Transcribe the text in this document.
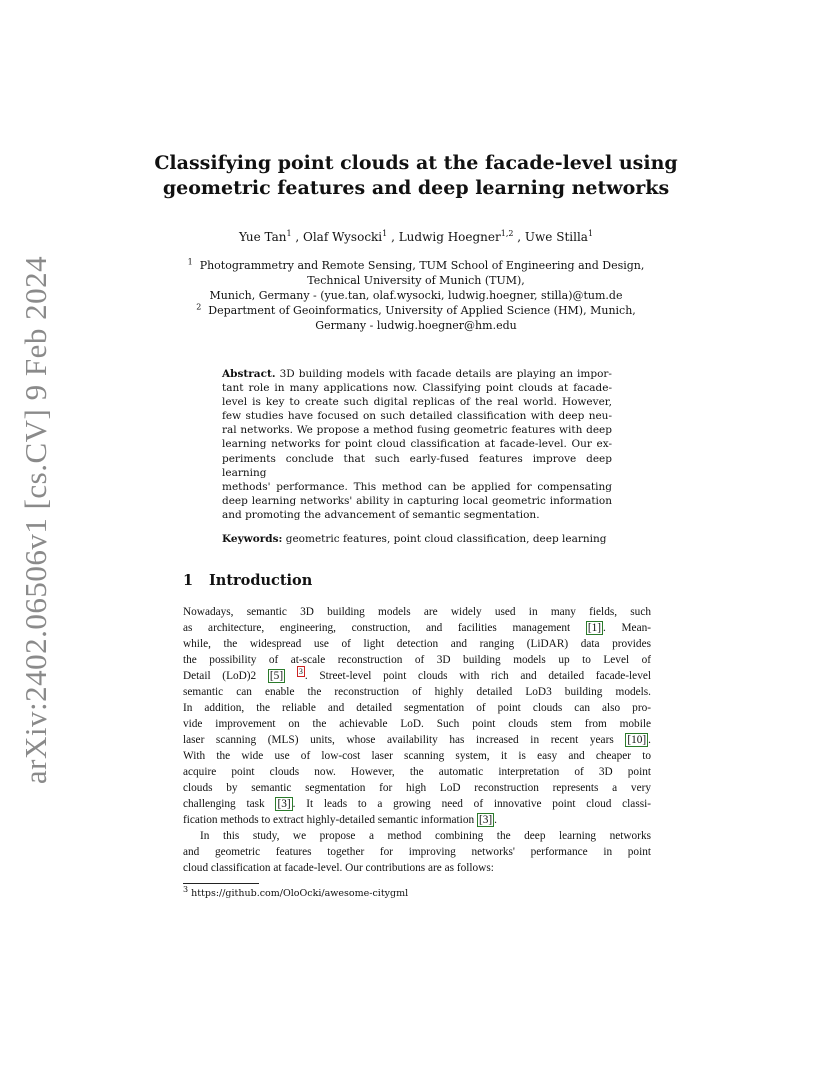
arXiv:2402.06506v1 [cs.CV] 9 Feb 2024
Classifying point clouds at the facade-level using
geometric features and deep learning networks
Yue Tan$^1$ , Olaf Wysocki$^1$ , Ludwig Hoegner$^{1,2}$ , Uwe Stilla$^1$
$^1$ Photogrammetry and Remote Sensing, TUM School of Engineering and Design,
Technical University of Munich (TUM),
Munich, Germany - (yue.tan, olaf.wysocki, ludwig.hoegner, stilla)@tum.de
$^2$ Department of Geoinformatics, University of Applied Science (HM), Munich,
Germany - ludwig.hoegner@hm.edu
Abstract. 3D building models with facade details are playing an impor-
tant role in many applications now. Classifying point clouds at facade-
level is key to create such digital replicas of the real world. However,
few studies have focused on such detailed classification with deep neu-
ral networks. We propose a method fusing geometric features with deep
learning networks for point cloud classification at facade-level. Our ex-
periments conclude that such early-fused features improve deep learning
methods' performance. This method can be applied for compensating
deep learning networks' ability in capturing local geometric information
and promoting the advancement of semantic segmentation.
Keywords: geometric features, point cloud classification, deep learning
1 Introduction
Nowadays, semantic 3D building models are widely used in many fields, such
as architecture, engineering, construction, and facilities management [1] . Mean-
while, the widespread use of light detection and ranging (LiDAR) data provides
the possibility of at-scale reconstruction of 3D building models up to Level of
Detail (LoD)2 [5] $^3$ . Street-level point clouds with rich and detailed facade-level
semantic can enable the reconstruction of highly detailed LoD3 building models.
In addition, the reliable and detailed segmentation of point clouds can also pro-
vide improvement on the achievable LoD. Such point clouds stem from mobile
laser scanning (MLS) units, whose availability has increased in recent years [10] .
With the wide use of low-cost laser scanning system, it is easy and cheaper to
acquire point clouds now. However, the automatic interpretation of 3D point
clouds by semantic segmentation for high LoD reconstruction represents a very
challenging task [3] . It leads to a growing need of innovative point cloud classi-
fication methods to extract highly-detailed semantic information [3] .
In this study, we propose a method combining the deep learning networks
and geometric features together for improving networks' performance in point
cloud classification at facade-level. Our contributions are as follows:
$^3$ https://github.com/OloOcki/awesome-citygml
